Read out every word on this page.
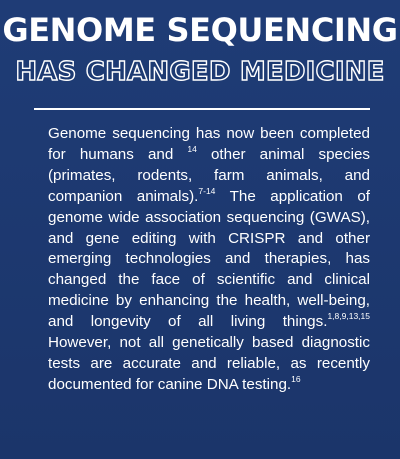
GENOME SEQUENCING
HAS CHANGED MEDICINE
Genome sequencing has now been completed for humans and $^{14}$ other animal species (primates, rodents, farm animals, and companion animals).$^{7-14}$ The application of genome wide association sequencing (GWAS), and gene editing with CRISPR and other emerging technologies and therapies, has changed the face of scientific and clinical medicine by enhancing the health, well-being, and longevity of all living things.$^{1,8,9,13,15}$ However, not all genetically based diagnostic tests are accurate and reliable, as recently documented for canine DNA testing.$^{16}$
